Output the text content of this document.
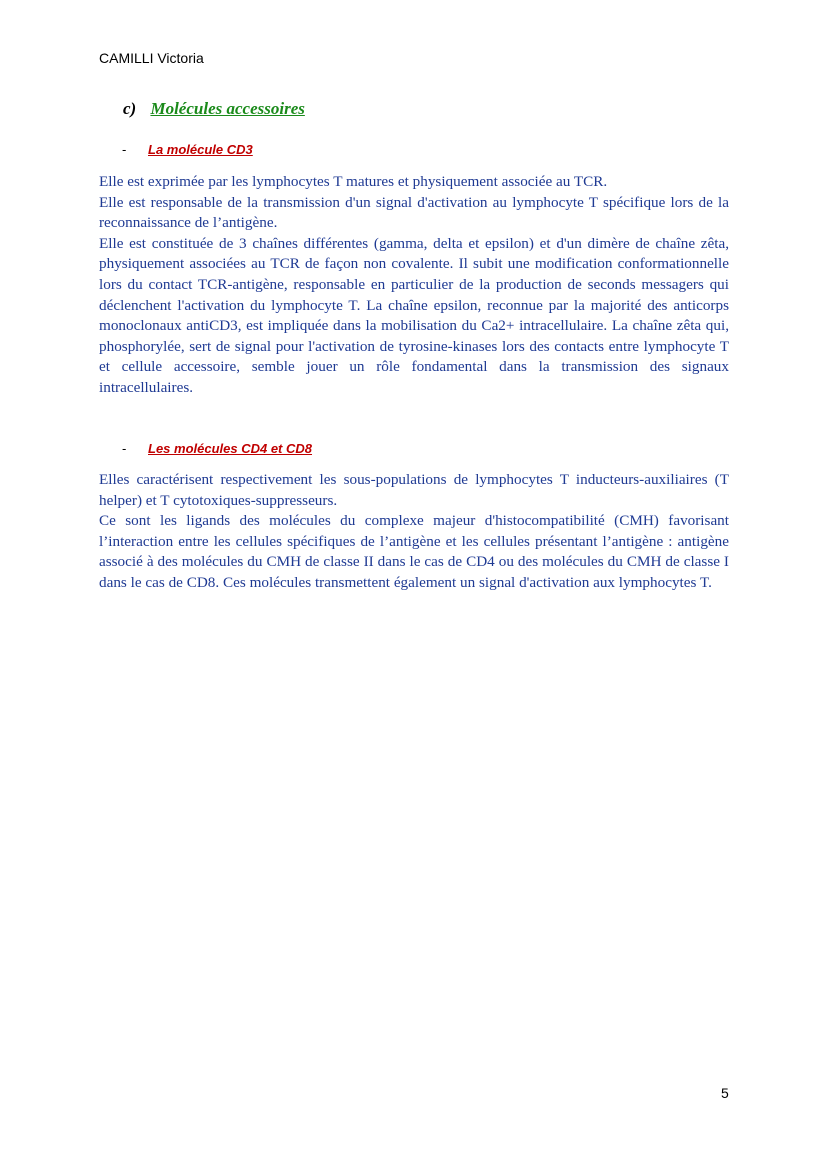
CAMILLI Victoria
c) Molécules accessoires
- La molécule CD3

Elle est exprimée par les lymphocytes T matures et physiquement associée au TCR.

Elle est responsable de la transmission d'un signal d'activation au lymphocyte T spécifique lors de la reconnaissance de l’antigène.

Elle est constituée de 3 chaînes différentes (gamma, delta et epsilon) et d'un dimère de chaîne zêta, physiquement associées au TCR de façon non covalente. Il subit une modification conformationnelle lors du contact TCR-antigène, responsable en particulier de la production de seconds messagers qui déclenchent l'activation du lymphocyte T. La chaîne epsilon, reconnue par la majorité des anticorps monoclonaux antiCD3, est impliquée dans la mobilisation du Ca2+ intracellulaire. La chaîne zêta qui, phosphorylée, sert de signal pour l'activation de tyrosine-kinases lors des contacts entre lymphocyte T et cellule accessoire, semble jouer un rôle fondamental dans la transmission des signaux intracellulaires.

- Les molécules CD4 et CD8

Elles caractérisent respectivement les sous-populations de lymphocytes T inducteurs-auxiliaires (T helper) et T cytotoxiques-suppresseurs.

Ce sont les ligands des molécules du complexe majeur d'histocompatibilité (CMH) favorisant l’interaction entre les cellules spécifiques de l’antigène et les cellules présentant l’antigène : antigène associé à des molécules du CMH de classe II dans le cas de CD4 ou des molécules du CMH de classe I dans le cas de CD8. Ces molécules transmettent également un signal d'activation aux lymphocytes T.

5
